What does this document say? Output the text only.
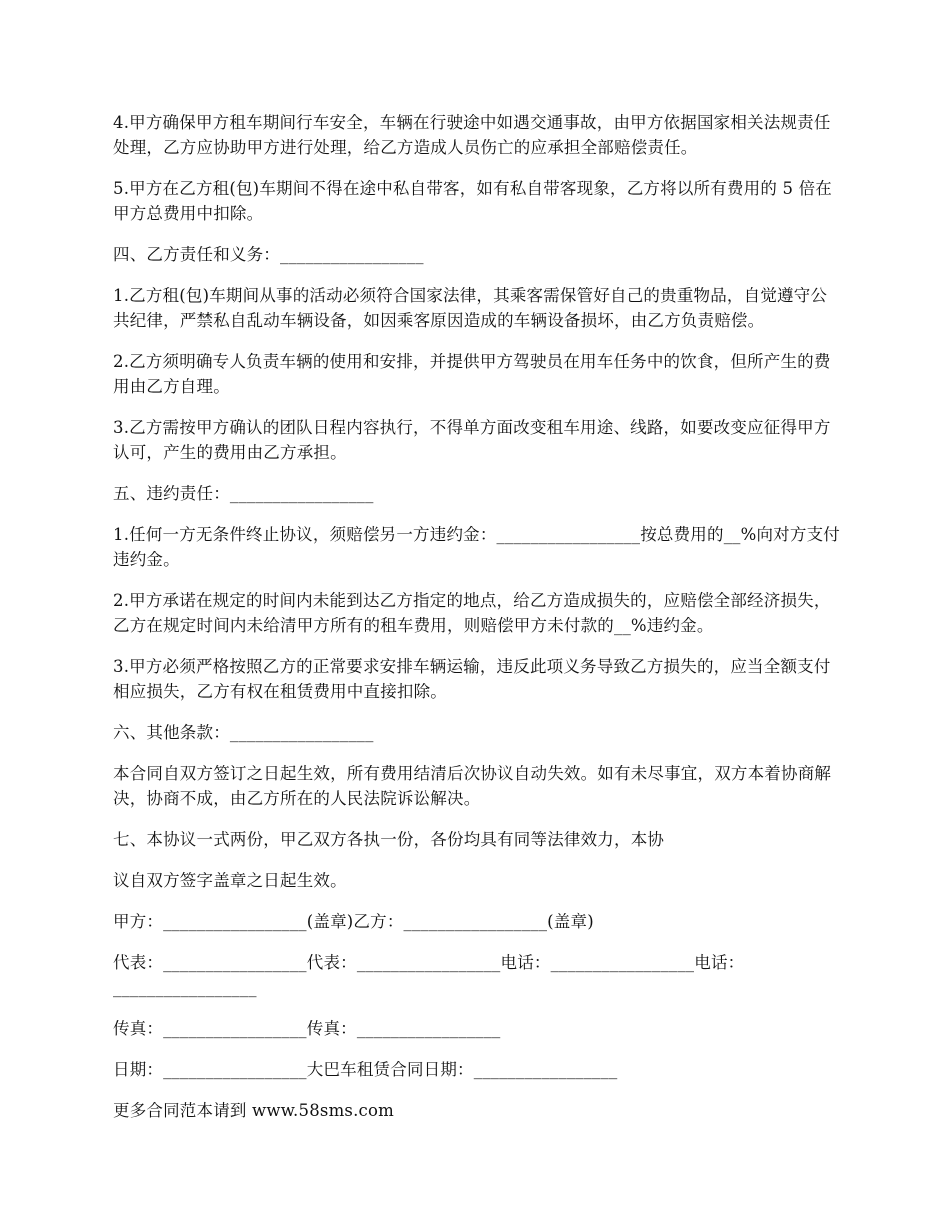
4.甲方确保甲方租车期间行车安全，车辆在行驶途中如遇交通事故，由甲方依据国家相关法规责任处理，乙方应协助甲方进行处理，给乙方造成人员伤亡的应承担全部赔偿责任。

5.甲方在乙方租(包)车期间不得在途中私自带客，如有私自带客现象，乙方将以所有费用的 5 倍在甲方总费用中扣除。

四、乙方责任和义务：_________________

1.乙方租(包)车期间从事的活动必须符合国家法律，其乘客需保管好自己的贵重物品，自觉遵守公共纪律，严禁私自乱动车辆设备，如因乘客原因造成的车辆设备损坏，由乙方负责赔偿。

2.乙方须明确专人负责车辆的使用和安排，并提供甲方驾驶员在用车任务中的饮食，但所产生的费用由乙方自理。

3.乙方需按甲方确认的团队日程内容执行，不得单方面改变租车用途、线路，如要改变应征得甲方认可，产生的费用由乙方承担。

五、违约责任：_________________

1.任何一方无条件终止协议，须赔偿另一方违约金：_________________按总费用的__%向对方支付违约金。

2.甲方承诺在规定的时间内未能到达乙方指定的地点，给乙方造成损失的，应赔偿全部经济损失，乙方在规定时间内未给清甲方所有的租车费用，则赔偿甲方未付款的__%违约金。

3.甲方必须严格按照乙方的正常要求安排车辆运输，违反此项义务导致乙方损失的，应当全额支付相应损失，乙方有权在租赁费用中直接扣除。

六、其他条款：_________________

本合同自双方签订之日起生效，所有费用结清后次协议自动失效。如有未尽事宜，双方本着协商解决，协商不成，由乙方所在的人民法院诉讼解决。

七、本协议一式两份，甲乙双方各执一份，各份均具有同等法律效力，本协

议自双方签字盖章之日起生效。

甲方：_________________(盖章)乙方：_________________(盖章)

代表：_________________代表：_________________电话：_________________电话：_________________

传真：_________________传真：_________________

日期：_________________大巴车租赁合同日期：_________________

更多合同范本请到 www.58sms.com
